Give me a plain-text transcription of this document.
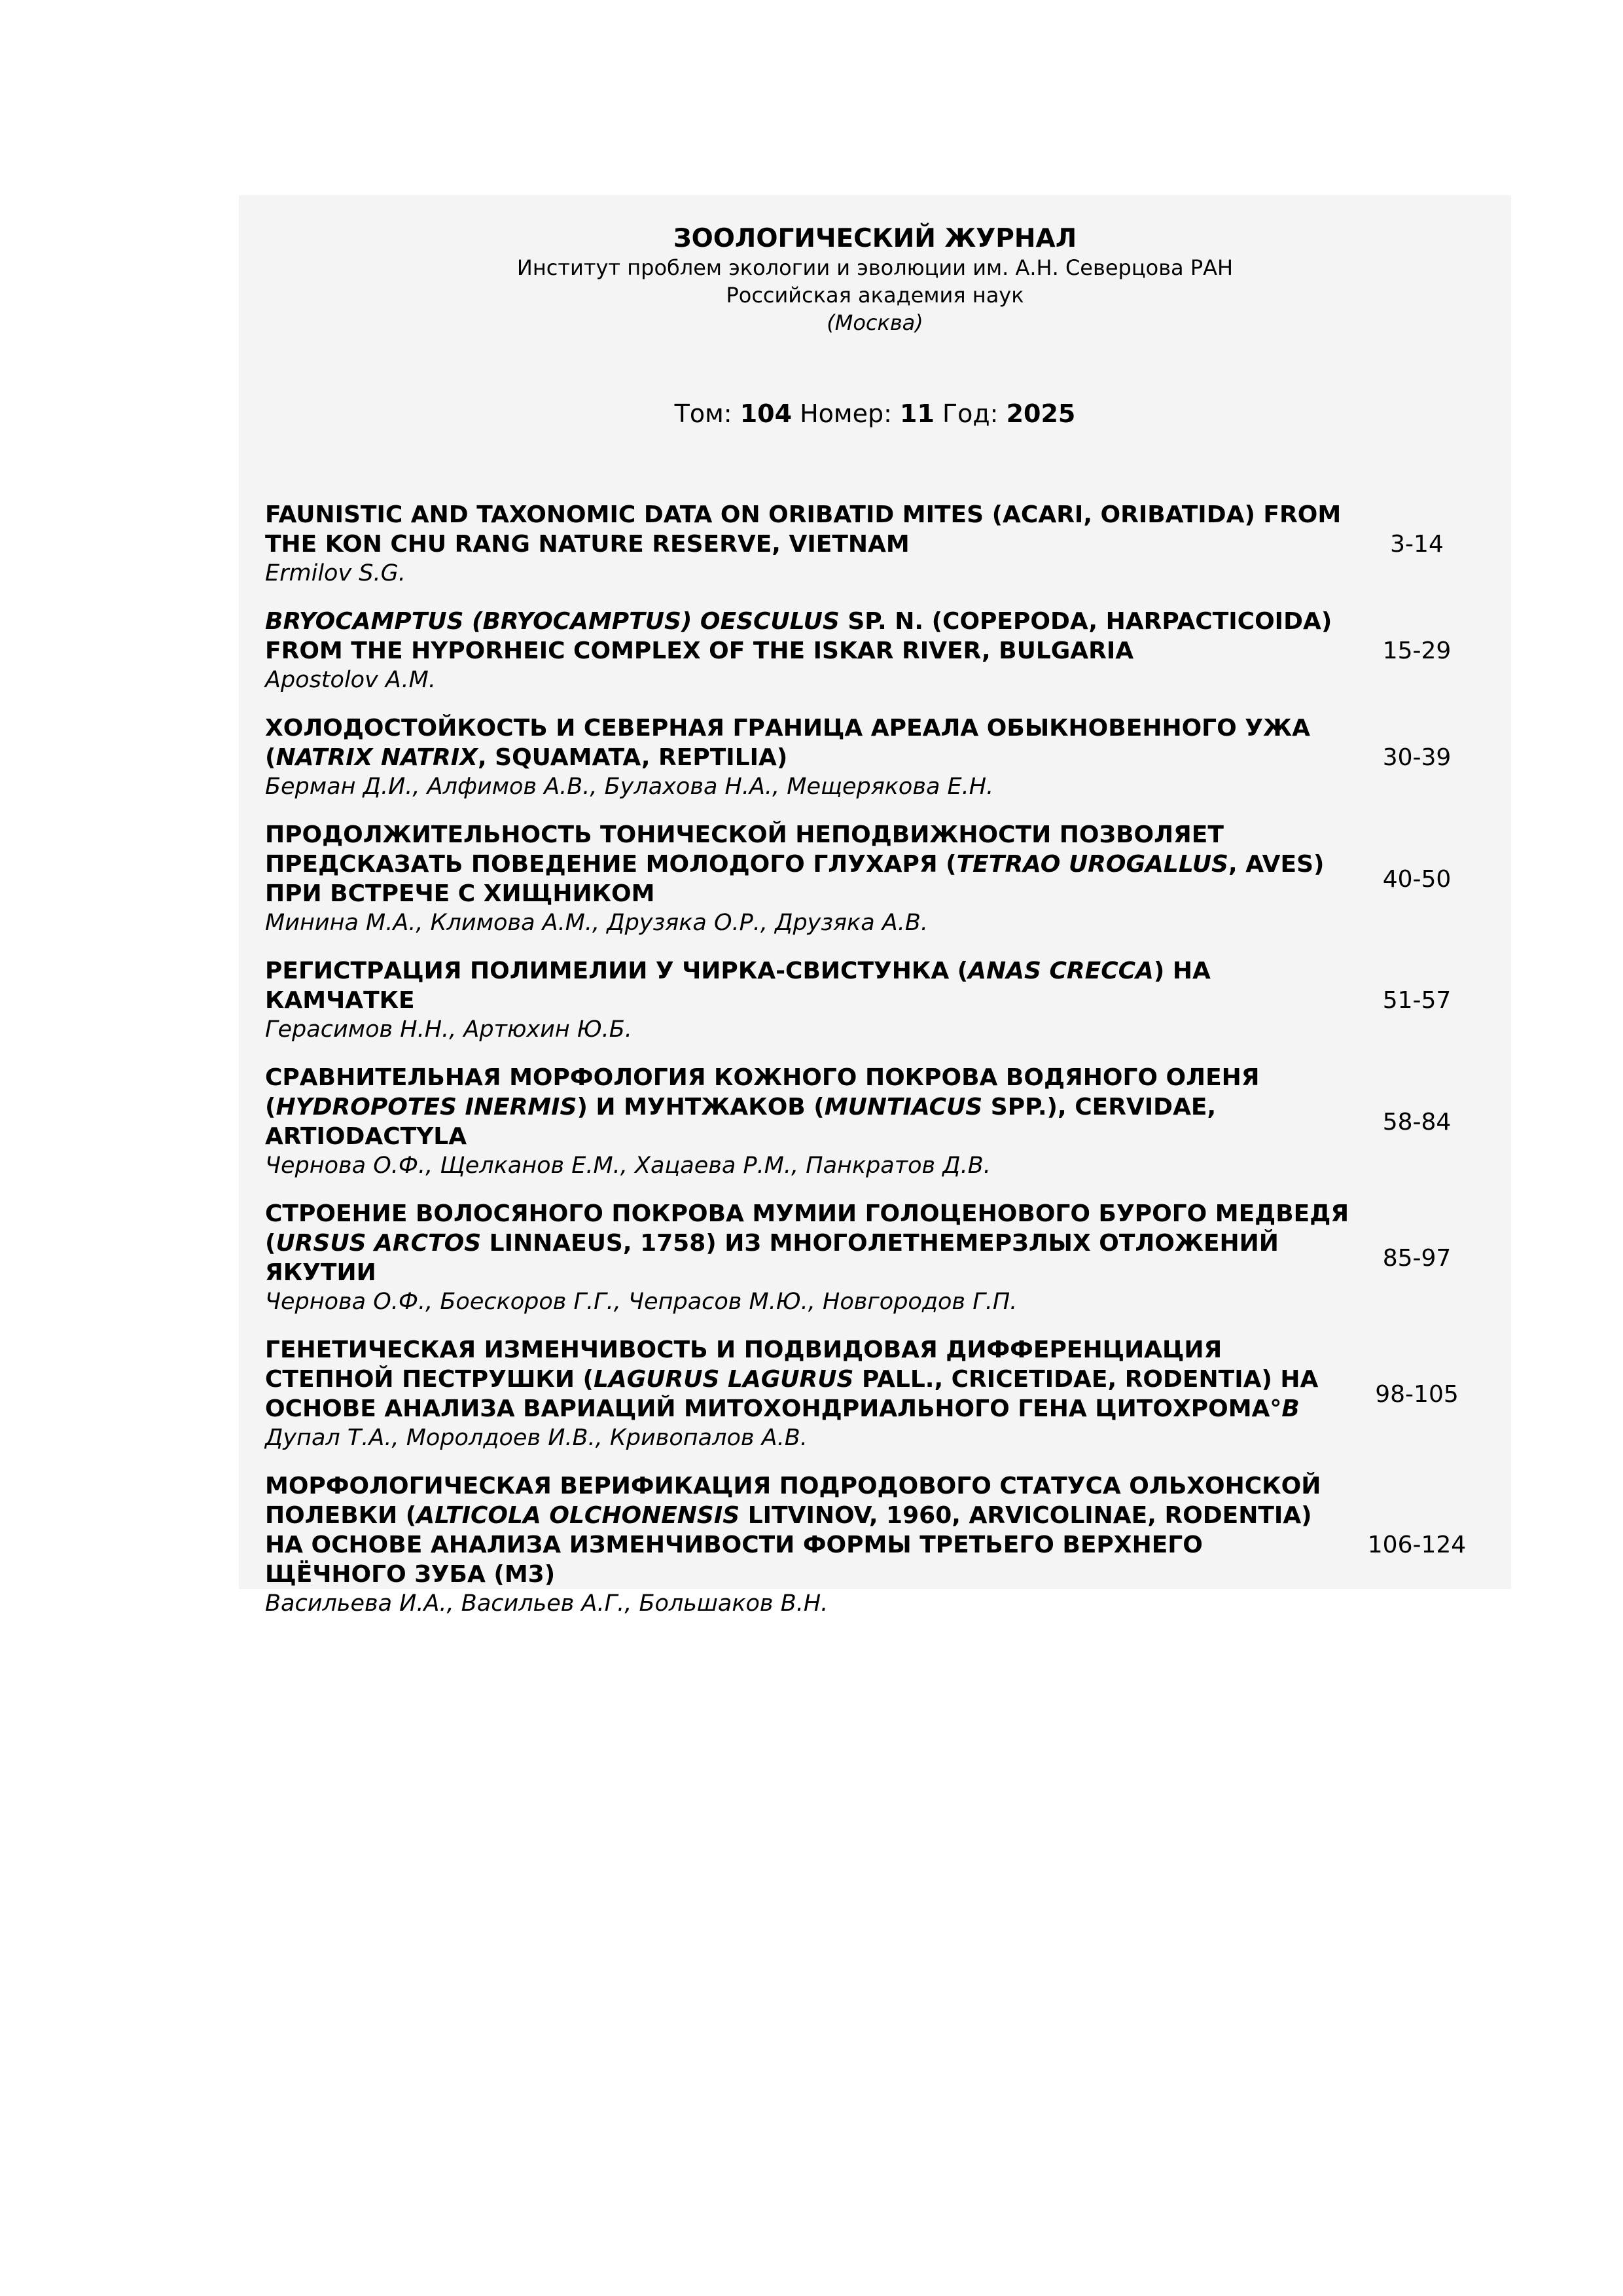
ЗООЛОГИЧЕСКИЙ ЖУРНАЛ
Институт проблем экологии и эволюции им. А.Н. Северцова РАН
Российская академия наук
(Москва)
Том: 104 Номер: 11 Год: 2025
FAUNISTIC AND TAXONOMIC DATA ON ORIBATID MITES (ACARI, ORIBATIDA) FROM THE KON CHU RANG NATURE RESERVE, VIETNAM
Ermilov S.G.
3-14
BRYOCAMPTUS (BRYOCAMPTUS) OESCULUS SP. N. (COPEPODA, HARPACTICOIDA) FROM THE HYPORHEIC COMPLEX OF THE ISKAR RIVER, BULGARIA
Apostolov A.M.
15-29
ХОЛОДОСТОЙКОСТЬ И СЕВЕРНАЯ ГРАНИЦА АРЕАЛА ОБЫКНОВЕННОГО УЖА (NATRIX NATRIX, SQUAMATA, REPTILIA)
Берман Д.И., Алфимов А.В., Булахова Н.А., Мещерякова Е.Н.
30-39
ПРОДОЛЖИТЕЛЬНОСТЬ ТОНИЧЕСКОЙ НЕПОДВИЖНОСТИ ПОЗВОЛЯЕТ ПРЕДСКАЗАТЬ ПОВЕДЕНИЕ МОЛОДОГО ГЛУХАРЯ (TETRAO UROGALLUS, AVES) ПРИ ВСТРЕЧЕ С ХИЩНИКОМ
Минина М.А., Климова А.М., Друзяка О.Р., Друзяка А.В.
40-50
РЕГИСТРАЦИЯ ПОЛИМЕЛИИ У ЧИРКА-СВИСТУНКА (ANAS CRECCA) НА КАМЧАТКЕ
Герасимов Н.Н., Артюхин Ю.Б.
51-57
СРАВНИТЕЛЬНАЯ МОРФОЛОГИЯ КОЖНОГО ПОКРОВА ВОДЯНОГО ОЛЕНЯ (HYDROPOTES INERMIS) И МУНТЖАКОВ (MUNTIACUS SPP.), CERVIDAE, ARTIODACTYLA
Чернова О.Ф., Щелканов Е.М., Хацаева Р.М., Панкратов Д.В.
58-84
СТРОЕНИЕ ВОЛОСЯНОГО ПОКРОВА МУМИИ ГОЛОЦЕНОВОГО БУРОГО МЕДВЕДЯ (URSUS ARCTOS LINNAEUS, 1758) ИЗ МНОГОЛЕТНЕМЕРЗЛЫХ ОТЛОЖЕНИЙ ЯКУТИИ
Чернова О.Ф., Боескоров Г.Г., Чепрасов М.Ю., Новгородов Г.П.
85-97
ГЕНЕТИЧЕСКАЯ ИЗМЕНЧИВОСТЬ И ПОДВИДОВАЯ ДИФФЕРЕНЦИАЦИЯ СТЕПНОЙ ПЕСТРУШКИ (LAGURUS LAGURUS PALL., CRICETIDAE, RODENTIA) НА ОСНОВЕ АНАЛИЗА ВАРИАЦИЙ МИТОХОНДРИАЛЬНОГО ГЕНА ЦИТОХРОМА°B
Дупал Т.А., Моролдоев И.В., Кривопалов А.В.
98-105
МОРФОЛОГИЧЕСКАЯ ВЕРИФИКАЦИЯ ПОДРОДОВОГО СТАТУСА ОЛЬХОНСКОЙ ПОЛЕВКИ (ALTICOLA OLCHONENSIS LITVINOV, 1960, ARVICOLINAE, RODENTIA) НА ОСНОВЕ АНАЛИЗА ИЗМЕНЧИВОСТИ ФОРМЫ ТРЕТЬЕГО ВЕРХНЕГО ЩЁЧНОГО ЗУБА (M3)
Васильева И.А., Васильев А.Г., Большаков В.Н.
106-124
